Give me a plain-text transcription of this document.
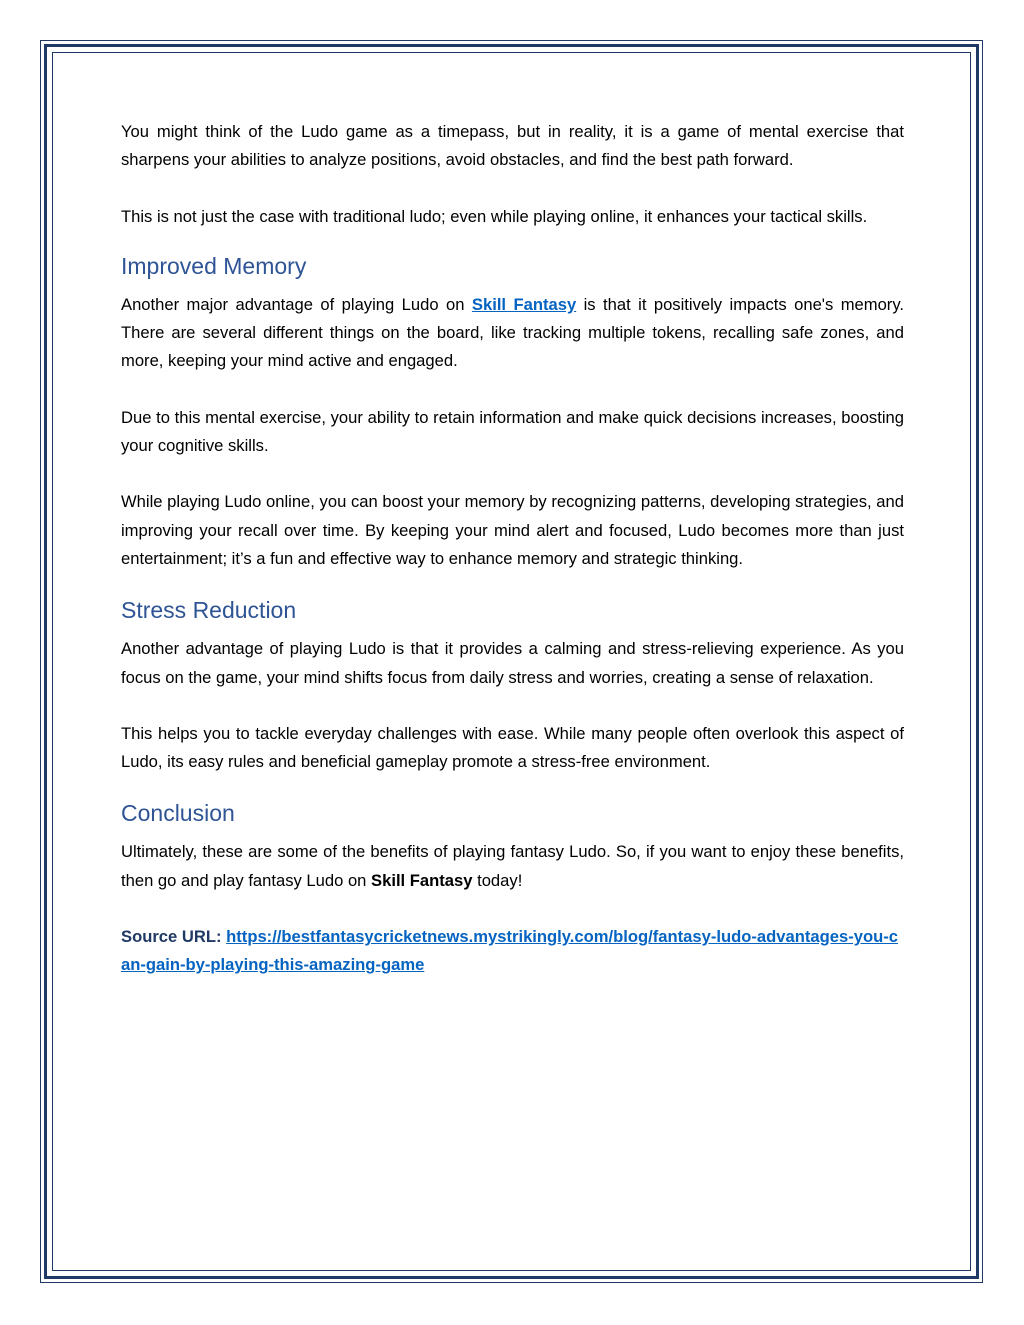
You might think of the Ludo game as a timepass, but in reality, it is a game of mental exercise that sharpens your abilities to analyze positions, avoid obstacles, and find the best path forward.

This is not just the case with traditional ludo; even while playing online, it enhances your tactical skills.

Improved Memory

Another major advantage of playing Ludo on Skill Fantasy is that it positively impacts one's memory. There are several different things on the board, like tracking multiple tokens, recalling safe zones, and more, keeping your mind active and engaged.

Due to this mental exercise, your ability to retain information and make quick decisions increases, boosting your cognitive skills.

While playing Ludo online, you can boost your memory by recognizing patterns, developing strategies, and improving your recall over time. By keeping your mind alert and focused, Ludo becomes more than just entertainment; it’s a fun and effective way to enhance memory and strategic thinking.

Stress Reduction

Another advantage of playing Ludo is that it provides a calming and stress-relieving experience. As you focus on the game, your mind shifts focus from daily stress and worries, creating a sense of relaxation.

This helps you to tackle everyday challenges with ease. While many people often overlook this aspect of Ludo, its easy rules and beneficial gameplay promote a stress-free environment.

Conclusion

Ultimately, these are some of the benefits of playing fantasy Ludo. So, if you want to enjoy these benefits, then go and play fantasy Ludo on Skill Fantasy today!

Source URL: https://bestfantasycricketnews.mystrikingly.com/blog/fantasy-ludo-advantages-you-can-gain-by-playing-this-amazing-game
